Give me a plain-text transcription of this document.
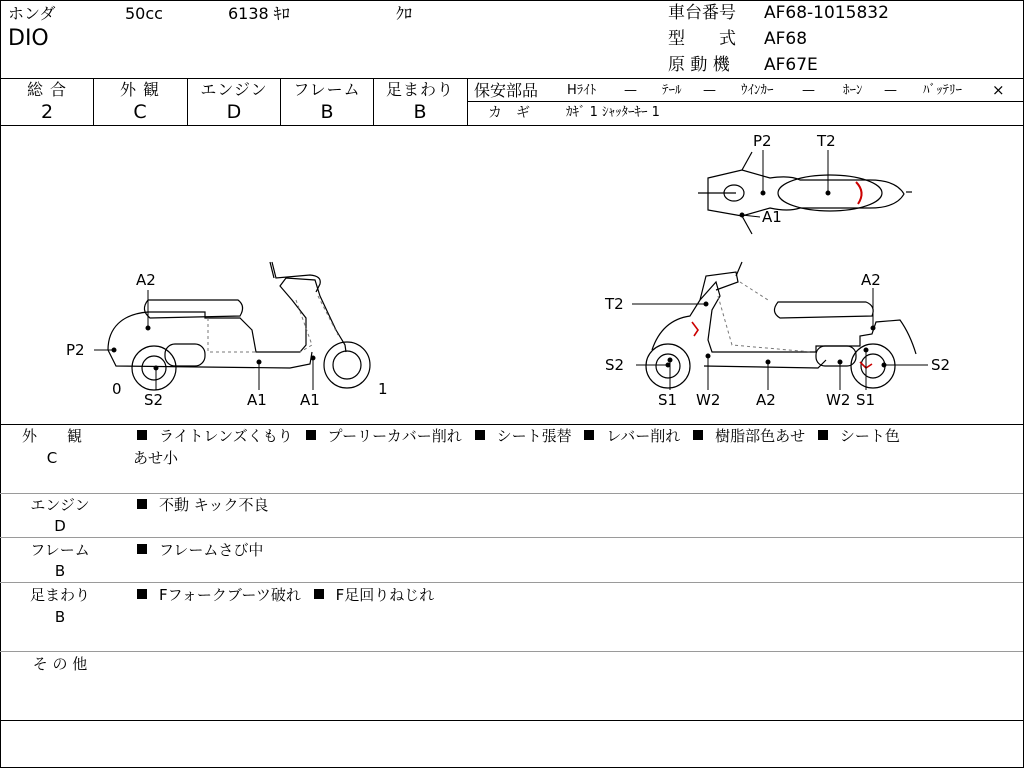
ホンダ	50cc	6138 ｷﾛ	ｸﾛ
DIO
車台番号 AF68-1015832
型　　式 AF68
原 動 機 AF67E
総 合
2
外 観
C
エンジン
D
フレーム
B
足まわり
B
保安部品 Hﾗｲﾄ — ﾃｰﾙ — ｳｲﾝｶｰ — ﾎｰﾝ — ﾊﾞｯﾃﾘｰ ×
カ　ギ	ｶｷﾞ 1 ｼｬｯﾀｰｷｰ 1
A2
P2
0	1
S2	A1 A1
P2	T2
A1
T2
A2
S2	S2
S1 W2 A2	W2 S1
外　　観
C
ライトレンズくもり プーリーカバー削れ シート張替 レバー削れ 樹脂部色あせ シート色
あせ小
エンジン
D
不動 キック不良
フレーム
B
フレームさび中
足まわり
B
Fフォークブーツ破れ F足回りねじれ
そ の 他
